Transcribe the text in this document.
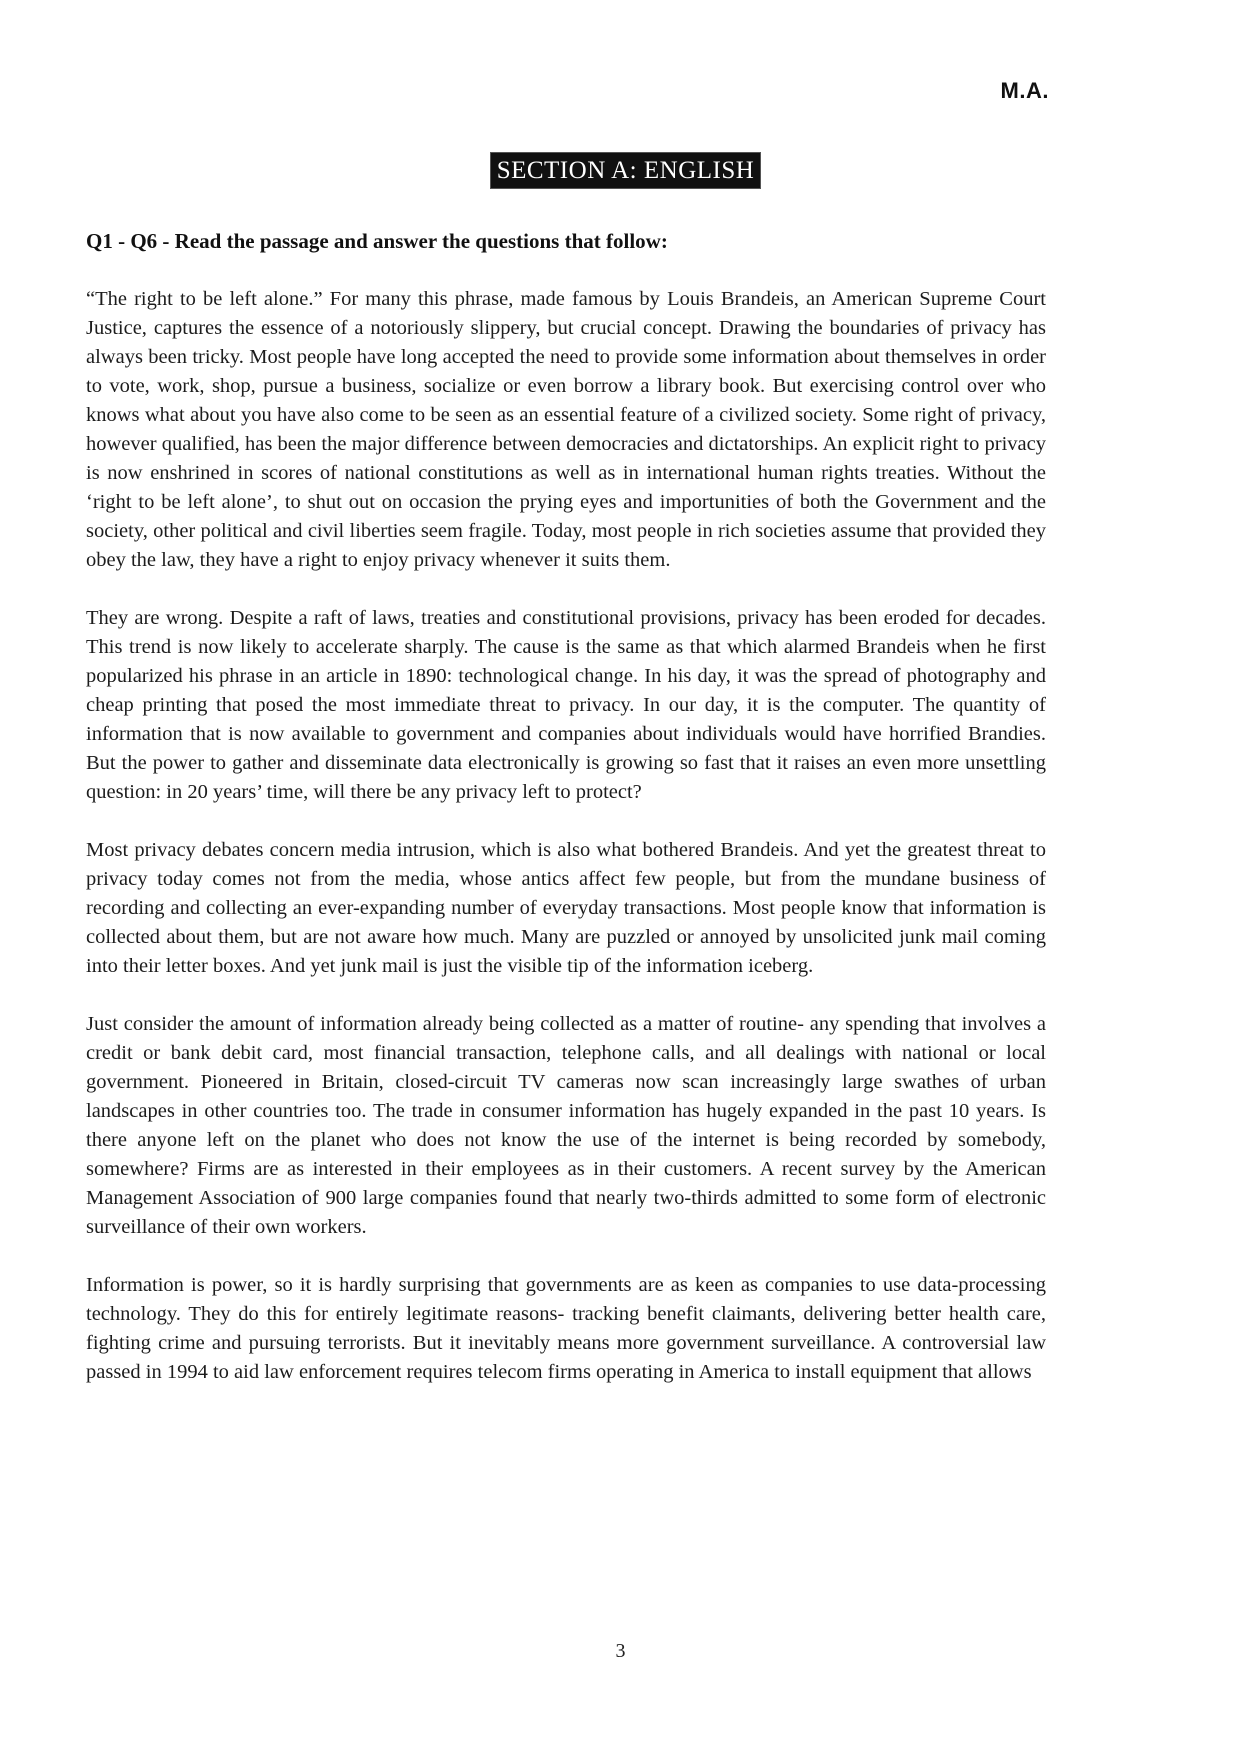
M.A.
SECTION A: ENGLISH
Q1 - Q6 - Read the passage and answer the questions that follow:

“The right to be left alone.” For many this phrase, made famous by Louis Brandeis, an American Supreme Court Justice, captures the essence of a notoriously slippery, but crucial concept. Drawing the boundaries of privacy has always been tricky. Most people have long accepted the need to provide some information about themselves in order to vote, work, shop, pursue a business, socialize or even borrow a library book. But exercising control over who knows what about you have also come to be seen as an essential feature of a civilized society. Some right of privacy, however qualified, has been the major difference between democracies and dictatorships. An explicit right to privacy is now enshrined in scores of national constitutions as well as in international human rights treaties. Without the ‘right to be left alone’, to shut out on occasion the prying eyes and importunities of both the Government and the society, other political and civil liberties seem fragile. Today, most people in rich societies assume that provided they obey the law, they have a right to enjoy privacy whenever it suits them.

They are wrong. Despite a raft of laws, treaties and constitutional provisions, privacy has been eroded for decades. This trend is now likely to accelerate sharply. The cause is the same as that which alarmed Brandeis when he first popularized his phrase in an article in 1890: technological change. In his day, it was the spread of photography and cheap printing that posed the most immediate threat to privacy. In our day, it is the computer. The quantity of information that is now available to government and companies about individuals would have horrified Brandies. But the power to gather and disseminate data electronically is growing so fast that it raises an even more unsettling question: in 20 years’ time, will there be any privacy left to protect?

Most privacy debates concern media intrusion, which is also what bothered Brandeis. And yet the greatest threat to privacy today comes not from the media, whose antics affect few people, but from the mundane business of recording and collecting an ever-expanding number of everyday transactions. Most people know that information is collected about them, but are not aware how much. Many are puzzled or annoyed by unsolicited junk mail coming into their letter boxes. And yet junk mail is just the visible tip of the information iceberg.

Just consider the amount of information already being collected as a matter of routine- any spending that involves a credit or bank debit card, most financial transaction, telephone calls, and all dealings with national or local government. Pioneered in Britain, closed-circuit TV cameras now scan increasingly large swathes of urban landscapes in other countries too. The trade in consumer information has hugely expanded in the past 10 years. Is there anyone left on the planet who does not know the use of the internet is being recorded by somebody, somewhere? Firms are as interested in their employees as in their customers. A recent survey by the American Management Association of 900 large companies found that nearly two-thirds admitted to some form of electronic surveillance of their own workers.

Information is power, so it is hardly surprising that governments are as keen as companies to use data-processing technology. They do this for entirely legitimate reasons- tracking benefit claimants, delivering better health care, fighting crime and pursuing terrorists. But it inevitably means more government surveillance. A controversial law passed in 1994 to aid law enforcement requires telecom firms operating in America to install equipment that allows

3
